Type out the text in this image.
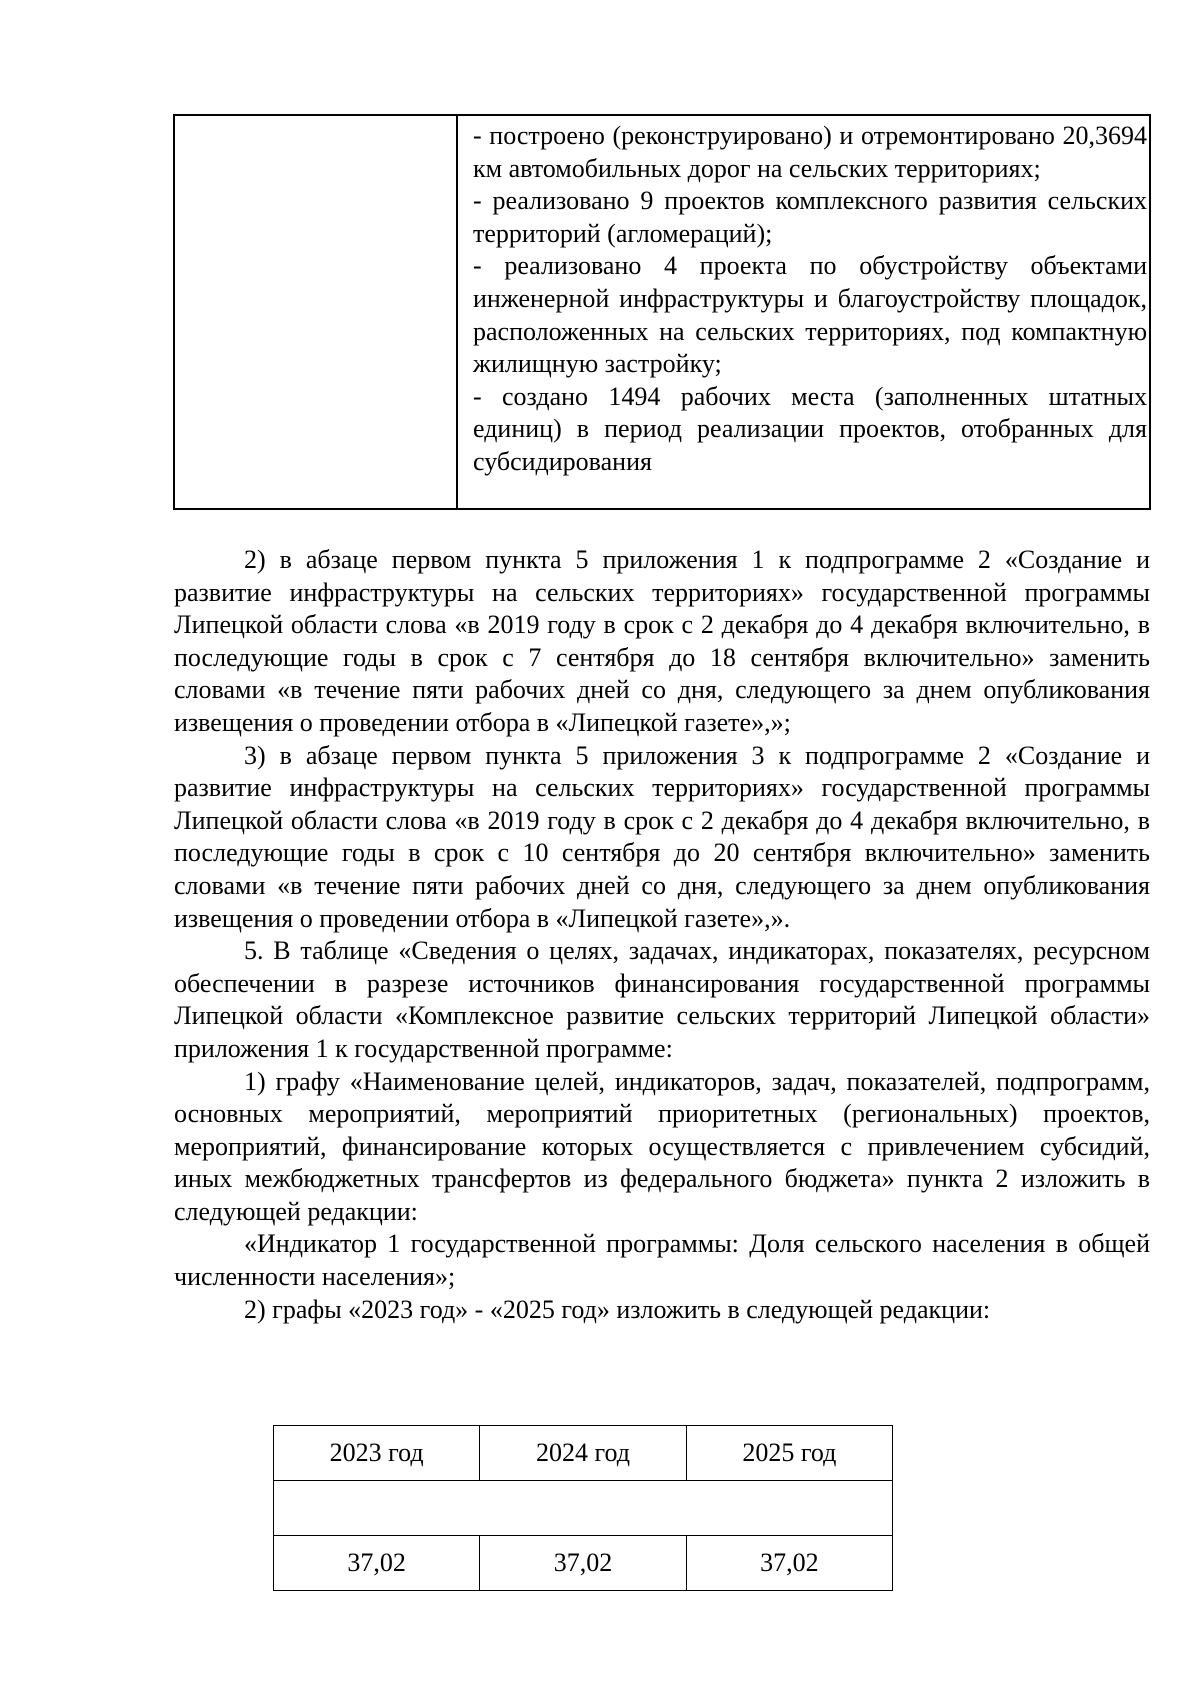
- построено (реконструировано) и отремонтировано 20,3694 км автомобильных дорог на сельских территориях;

- реализовано 9 проектов комплексного развития сельских территорий (агломераций);

- реализовано 4 проекта по обустройству объектами инженерной инфраструктуры и благоустройству площадок, расположенных на сельских территориях, под компактную жилищную застройку;

- создано 1494 рабочих места (заполненных штатных единиц) в период реализации проектов, отобранных для субсидирования

2) в абзаце первом пункта 5 приложения 1 к подпрограмме 2 «Создание и развитие инфраструктуры на сельских территориях» государственной программы Липецкой области слова «в 2019 году в срок с 2 декабря до 4 декабря включительно, в последующие годы в срок с 7 сентября до 18 сентября включительно» заменить словами «в течение пяти рабочих дней со дня, следующего за днем опубликования извещения о проведении отбора в «Липецкой газете»,»;

3) в абзаце первом пункта 5 приложения 3 к подпрограмме 2 «Создание и развитие инфраструктуры на сельских территориях» государственной программы Липецкой области слова «в 2019 году в срок с 2 декабря до 4 декабря включительно, в последующие годы в срок с 10 сентября до 20 сентября включительно» заменить словами «в течение пяти рабочих дней со дня, следующего за днем опубликования извещения о проведении отбора в «Липецкой газете»,».

5. В таблице «Сведения о целях, задачах, индикаторах, показателях, ресурсном обеспечении в разрезе источников финансирования государственной программы Липецкой области «Комплексное развитие сельских территорий Липецкой области» приложения 1 к государственной программе:

1) графу «Наименование целей, индикаторов, задач, показателей, подпрограмм, основных мероприятий, мероприятий приоритетных (региональных) проектов, мероприятий, финансирование которых осуществляется с привлечением субсидий, иных межбюджетных трансфертов из федерального бюджета» пункта 2 изложить в следующей редакции:

«Индикатор 1 государственной программы: Доля сельского населения в общей численности населения»;

2) графы «2023 год» - «2025 год» изложить в следующей редакции:

2023 год	2024 год	2025 год

37,02	37,02	37,02
